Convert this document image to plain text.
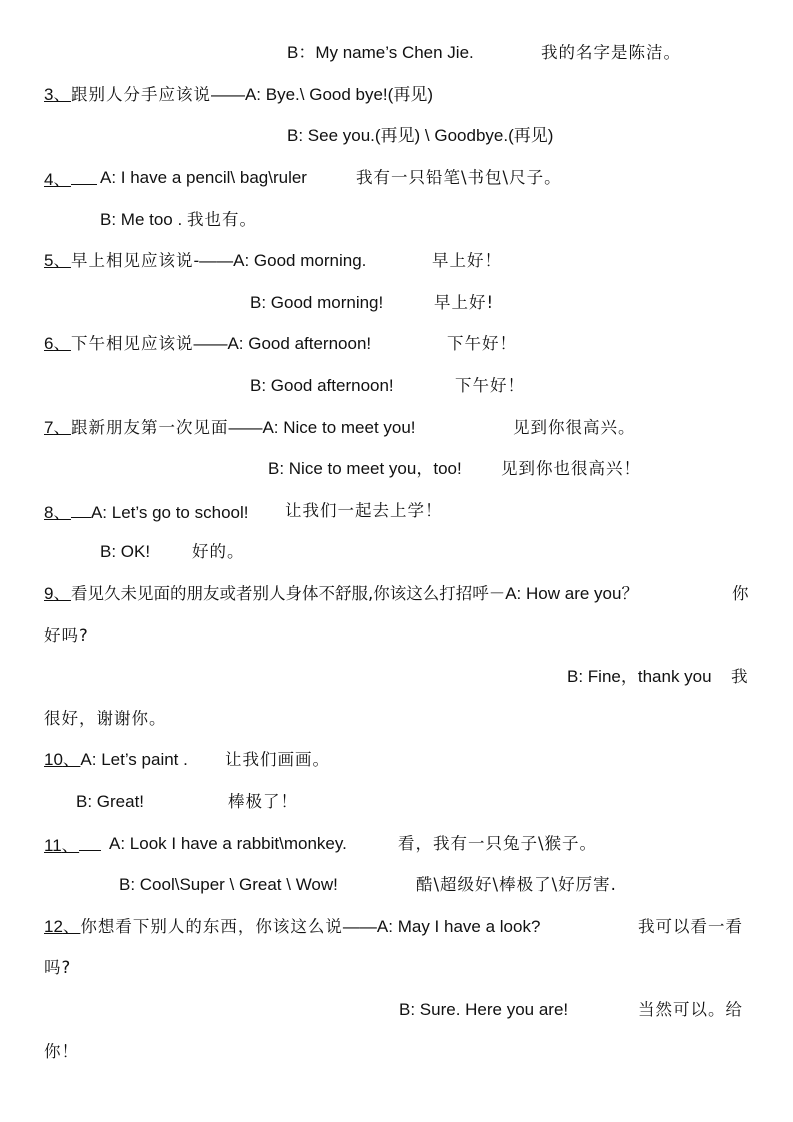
B：My name’s Chen Jie.	我的名字是陈洁。
3、跟别人分手应该说——A: Bye.\ Good bye!(再见)
B: See you.(再见) \ Goodbye.(再见)
4、	A: I have a pencil\ bag\ruler	我有一只铅笔\书包\尺子。
B: Me too . 我也有。
5、早上相见应该说-——A: Good morning.	早上好！
B: Good morning!	早上好!
6、下午相见应该说——A: Good afternoon!	下午好！
B: Good afternoon!	下午好！
7、跟新朋友第一次见面——A: Nice to meet you!	见到你很高兴。
B: Nice to meet you，too! 见到你也很高兴！
8、 A: Let’s go to school! 让我们一起去上学！
B: OK!	好的。
9、看见久未见面的朋友或者别人身体不舒服,你该这么打招呼－A: How are you？	你
好吗?
B: Fine，thank you 我
很好，谢谢你。
10、A: Let’s paint . 让我们画画。
B: Great!	棒极了！
11、	A: Look I have a rabbit\monkey.	看，我有一只兔子\猴子。
B: Cool\Super \ Great \ Wow!	酷\超级好\棒极了\好厉害.
12、你想看下别人的东西，你该这么说——A: May I have a look?	我可以看一看
吗?
B: Sure. Here you are!	当然可以。给
你！
